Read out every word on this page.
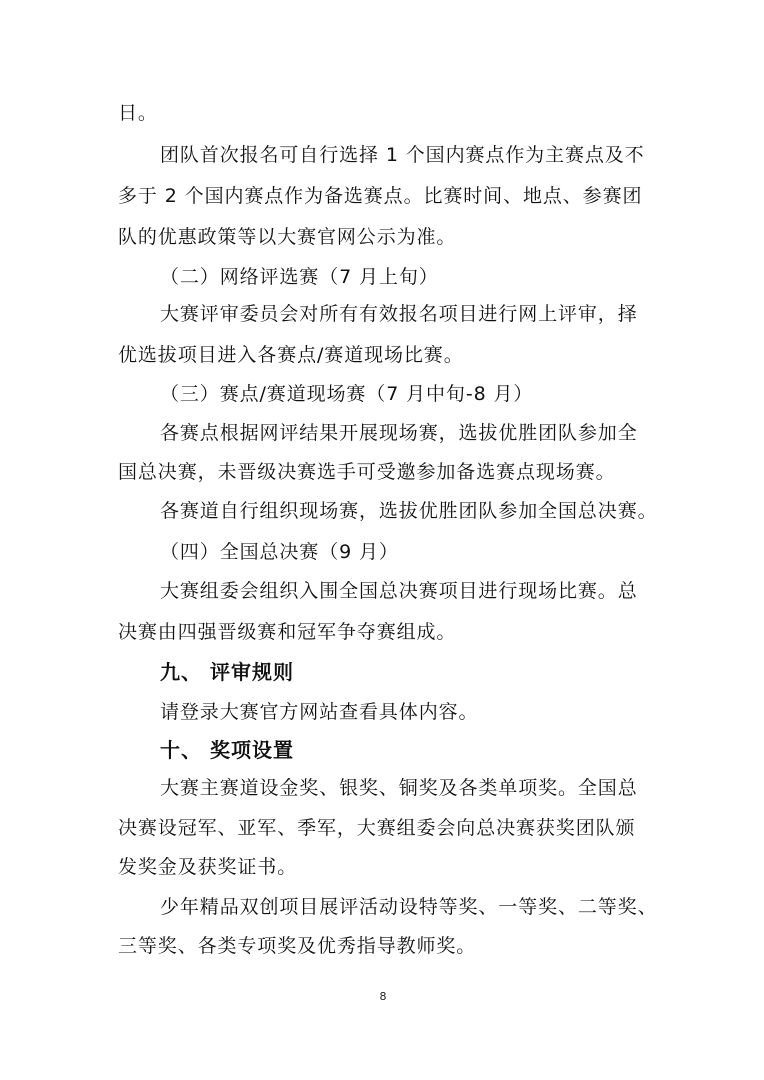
日。
团队首次报名可自行选择 1 个国内赛点作为主赛点及不
多于 2 个国内赛点作为备选赛点。比赛时间、地点、参赛团
队的优惠政策等以大赛官网公示为准。
（二）网络评选赛（7 月上旬）
大赛评审委员会对所有有效报名项目进行网上评审，择
优选拔项目进入各赛点/赛道现场比赛。
（三）赛点/赛道现场赛（7 月中旬-8 月）
各赛点根据网评结果开展现场赛，选拔优胜团队参加全
国总决赛，未晋级决赛选手可受邀参加备选赛点现场赛。
各赛道自行组织现场赛，选拔优胜团队参加全国总决赛。
（四）全国总决赛（9 月）
大赛组委会组织入围全国总决赛项目进行现场比赛。总
决赛由四强晋级赛和冠军争夺赛组成。
九、 评审规则
请登录大赛官方网站查看具体内容。
十、 奖项设置
大赛主赛道设金奖、银奖、铜奖及各类单项奖。全国总
决赛设冠军、亚军、季军，大赛组委会向总决赛获奖团队颁
发奖金及获奖证书。
少年精品双创项目展评活动设特等奖、一等奖、二等奖、
三等奖、各类专项奖及优秀指导教师奖。
8
